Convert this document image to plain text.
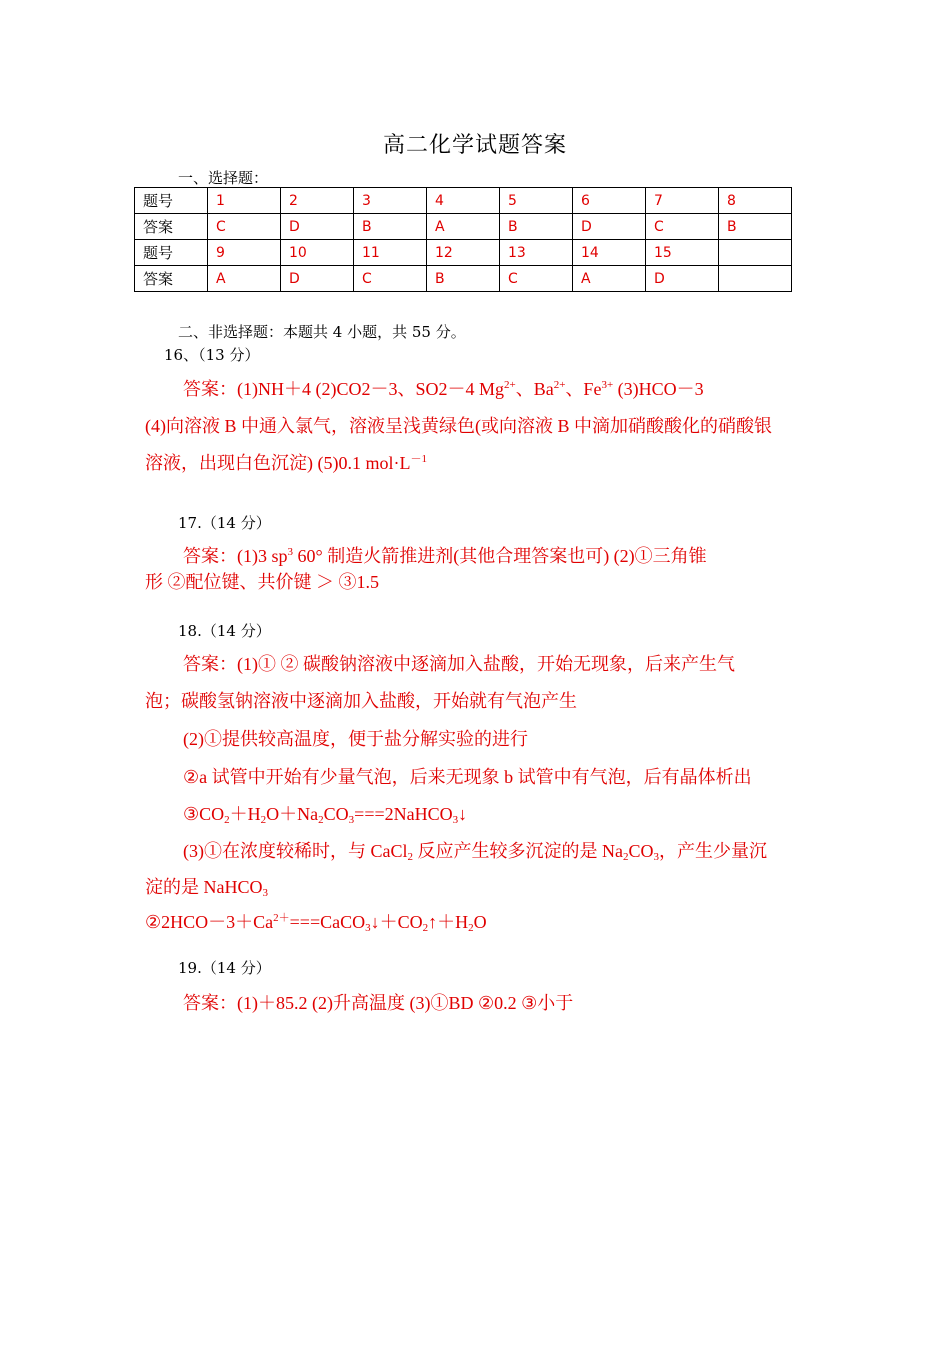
高二化学试题答案
一、选择题：
题号	1	2	3	4	5	6	7	8
答案	C	D	B	A	B	D	C	B
题号	9	10	11	12	13	14	15	
答案	A	D	C	B	C	A	D	
二、非选择题：本题共 4 小题，共 55 分。
16、（13 分）
答案：(1)NH＋4 (2)CO2－3、SO2－4 $Mg^{2+}$、$Ba^{2+}$、$Fe^{3+}$ (3)HCO－3
(4)向溶液 B 中通入氯气，溶液呈浅黄绿色(或向溶液 B 中滴加硝酸酸化的硝酸银
溶液，出现白色沉淀) (5)0.1 $mol\cdot L^{-1}$
17.（14 分）
答案：(1)3 $sp^3$ 60° 制造火箭推进剂(其他合理答案也可) (2)①三角锥
形 ②配位键、共价键 ＞ ③1.5
18.（14 分）
答案：(1)① ② 碳酸钠溶液中逐滴加入盐酸，开始无现象，后来产生气
泡；碳酸氢钠溶液中逐滴加入盐酸，开始就有气泡产生
(2)①提供较高温度，便于盐分解实验的进行
②a 试管中开始有少量气泡，后来无现象 b 试管中有气泡，后有晶体析出
$③CO_2+H_2O+Na_2CO_3===2NaHCO_3↓$
(3)①在浓度较稀时，与 CaCl$_2$ 反应产生较多沉淀的是 $Na_2CO_3$，产生少量沉
淀的是 NaHCO$_3$
$②2HCO-3+Ca^{2+}===CaCO_3↓+CO_2↑+H_2O$
19.（14 分）
答案：(1)＋85.2 (2)升高温度 (3)①BD ②0.2 ③小于
